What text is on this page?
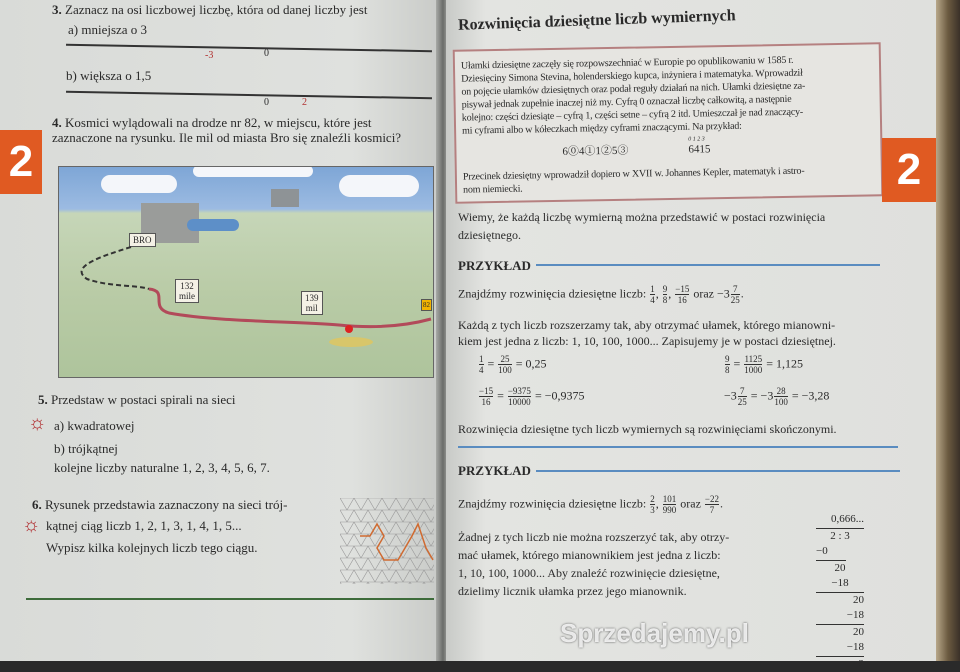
2
3. Zaznacz na osi liczbowej liczbę, która od danej liczby jest
a) mniejsza o 3
-3	0
b) większa o 1,5
0	2
4. Kosmici wylądowali na drodze nr 82, w miejscu, które jest zaznaczone na rysunku. Ile mil od miasta Bro się znaleźli kosmici?
BRO
132
mile	139
mil	82
5. Przedstaw w postaci spirali na sieci
☼ a) kwadratowej
b) trójkątnej
kolejne liczby naturalne 1, 2, 3, 4, 5, 6, 7.
6. Rysunek przedstawia zaznaczony na sieci trój-
☼ kątnej ciąg liczb 1, 2, 1, 3, 1, 4, 1, 5...
Wypisz kilka kolejnych liczb tego ciągu.
Rozwinięcia dziesiętne liczb wymiernych
Ułamki dziesiętne zaczęły się rozpowszechniać w Europie po opublikowaniu w 1585 r.
Dziesięciny Simona Stevina, holenderskiego kupca, inżyniera i matematyka. Wprowadził
on pojęcie ułamków dziesiętnych oraz podał reguły działań na nich. Ułamki dziesiętne za-
pisywał jednak zupełnie inaczej niż my. Cyfrą 0 oznaczał liczbę całkowitą, a następnie
kolejno: części dziesiąte – cyfrą 1, części setne – cyfrą 2 itd. Umieszczał je nad znaczący-
mi cyframi albo w kółeczkach między cyframi znaczącymi. Na przykład:
6⓪4①1②5③
0 1 2 3
6415
Przecinek dziesiętny wprowadził dopiero w XVII w. Johannes Kepler, matematyk i astro-
nom niemiecki.	2
Wiemy, że każdą liczbę wymierną można przedstawić w postaci rozwinięcia
dziesiętnego.
PRZYKŁAD
Znajdźmy rozwinięcia dziesiętne liczb: $\frac{1}{4}$ , $\frac{9}{8}$ , $\frac{-15}{16}$ oraz $-3 \frac{7}{25}$ .
Każdą z tych liczb rozszerzamy tak, aby otrzymać ułamek, którego mianowni-
kiem jest jedna z liczb: 1, 10, 100, 1000... Zapisujemy je w postaci dziesiętnej.
$\frac{1}{4} = \frac{25}{100} = 0,25$	$\frac{9}{8} = \frac{1125}{1000} = 1,125$
$\frac{-15}{16} = \frac{-9375}{10000} = -0,9375$	$-3 \frac{7}{25} = -3 \frac{28}{100} = -3,28$
Rozwinięcia dziesiętne tych liczb wymiernych są rozwinięciami skończonymi.
PRZYKŁAD
Znajdźmy rozwinięcia dziesiętne liczb: $\frac{2}{3}$ , $\frac{101}{990}$ oraz $\frac{-22}{7}$ .
Żadnej z tych liczb nie można rozszerzyć tak, aby otrzy-
mać ułamek, którego mianownikiem jest jedna z liczb:
1, 10, 100, 1000... Aby znaleźć rozwinięcie dziesiętne,
dzielimy licznik ułamka przez jego mianownik.
0,666...
2 : 3
−0
20
−18
20
−18
20
−18
2
Sprzedajemy.pl
